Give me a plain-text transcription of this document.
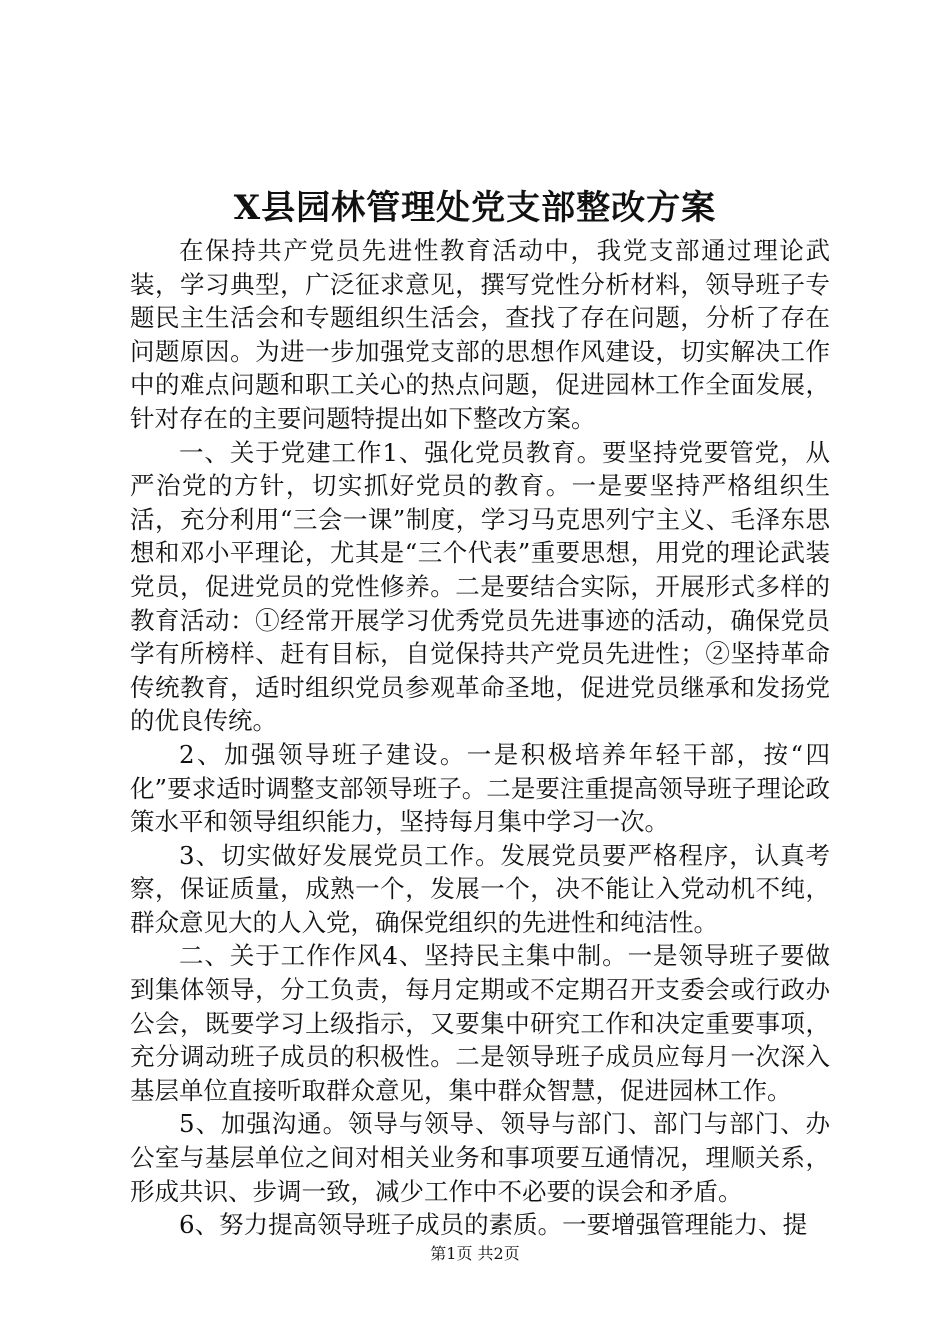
X县园林管理处党支部整改方案

在保持共产党员先进性教育活动中，我党支部通过理论武装，学习典型，广泛征求意见，撰写党性分析材料，领导班子专题民主生活会和专题组织生活会，查找了存在问题，分析了存在问题原因。为进一步加强党支部的思想作风建设，切实解决工作中的难点问题和职工关心的热点问题，促进园林工作全面发展，针对存在的主要问题特提出如下整改方案。

一、关于党建工作1、强化党员教育。要坚持党要管党，从严治党的方针，切实抓好党员的教育。一是要坚持严格组织生活，充分利用“三会一课”制度，学习马克思列宁主义、毛泽东思想和邓小平理论，尤其是“三个代表”重要思想，用党的理论武装党员，促进党员的党性修养。二是要结合实际，开展形式多样的教育活动：①经常开展学习优秀党员先进事迹的活动，确保党员学有所榜样、赶有目标，自觉保持共产党员先进性；②坚持革命传统教育，适时组织党员参观革命圣地，促进党员继承和发扬党的优良传统。

2、加强领导班子建设。一是积极培养年轻干部，按“四化”要求适时调整支部领导班子。二是要注重提高领导班子理论政策水平和领导组织能力，坚持每月集中学习一次。

3、切实做好发展党员工作。发展党员要严格程序，认真考察，保证质量，成熟一个，发展一个，决不能让入党动机不纯，群众意见大的人入党，确保党组织的先进性和纯洁性。

二、关于工作作风4、坚持民主集中制。一是领导班子要做到集体领导，分工负责，每月定期或不定期召开支委会或行政办公会，既要学习上级指示，又要集中研究工作和决定重要事项，充分调动班子成员的积极性。二是领导班子成员应每月一次深入基层单位直接听取群众意见，集中群众智慧，促进园林工作。

5、加强沟通。领导与领导、领导与部门、部门与部门、办公室与基层单位之间对相关业务和事项要互通情况，理顺关系，形成共识、步调一致，减少工作中不必要的误会和矛盾。

6、努力提高领导班子成员的素质。一要增强管理能力、提

第1页 共2页
